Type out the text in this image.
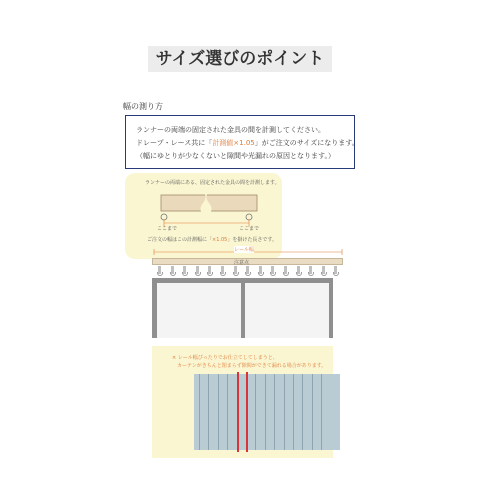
サイズ選びのポイント
幅の測り方
ランナーの両端の固定された金具の間を計測してください。
ドレープ・レース共に「計測値×1.05」がご注文のサイズになります。
（幅にゆとりが少なくないと隙間や光漏れの原因となります。）
ランナーの両端にある、固定された金具の間を計測します。
ここまで	ここまで
ご注文の幅はこの計測幅に「×1.05」を掛けた長さです。
レール幅
注意点
× レール幅ぴったりでお仕立てしてしまうと、
カーテンがきちんと閉まらず隙間ができて漏れる場合があります。
